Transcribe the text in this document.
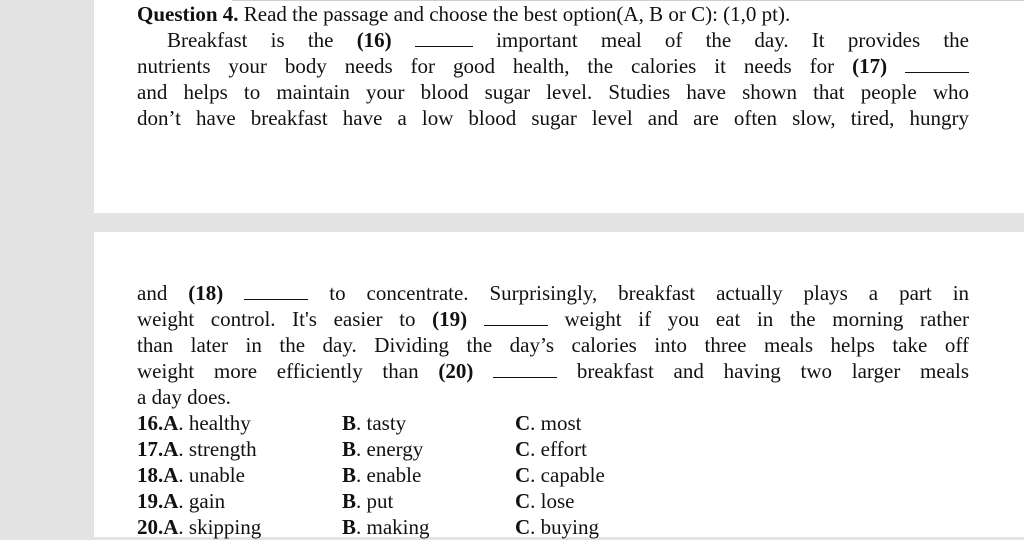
Question 4. Read the passage and choose the best option(A, B or C): (1,0 pt).
Breakfast is the (16)	important meal of the day. It provides the
nutrients your body needs for good health, the calories it needs for (17)
and helps to maintain your blood sugar level. Studies have shown that people who
don’t have breakfast have a low blood sugar level and are often slow, tired, hungry
and (18)	to concentrate. Surprisingly, breakfast actually plays a part in
weight control. It's easier to (19)	weight if you eat in the morning rather
than later in the day. Dividing the day’s calories into three meals helps take off
weight more efficiently than (20)	breakfast and having two larger meals
a day does.
16.A. healthy	B. tasty	C. most
17.A. strength	B. energy	C. effort
18.A. unable	B. enable	C. capable
19.A. gain	B. put	C. lose
20.A. skipping	B. making	C. buying
